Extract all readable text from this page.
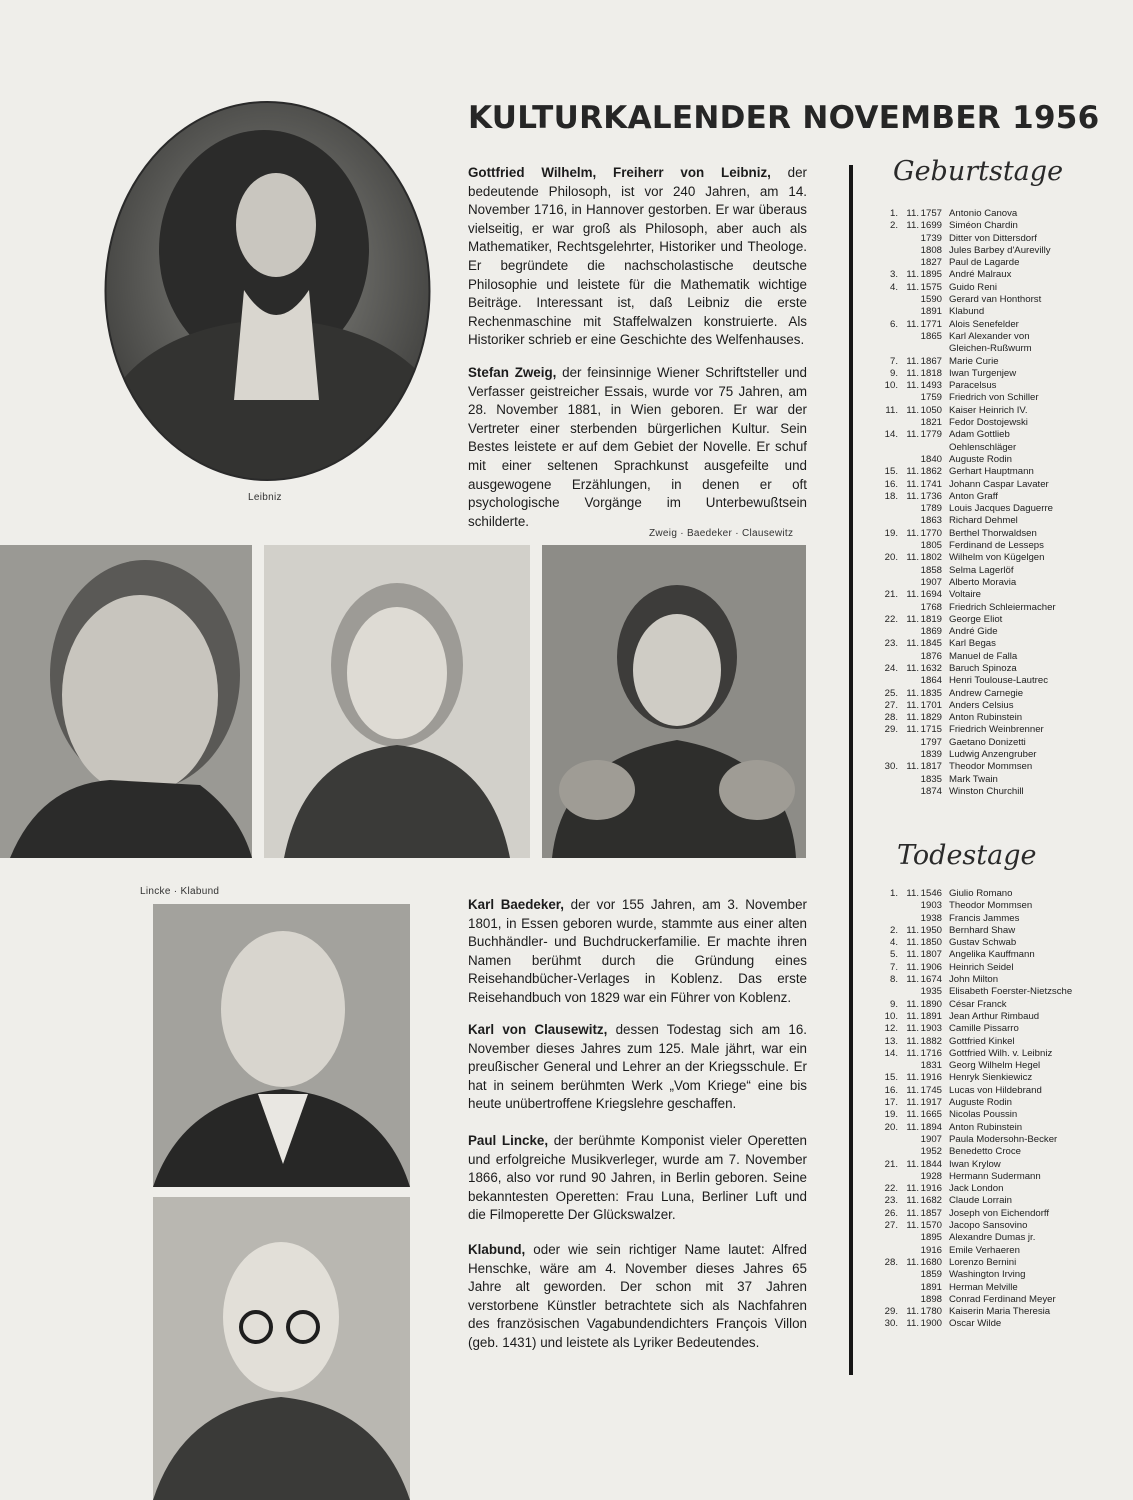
KULTURKALENDER NOVEMBER 1956
Leibniz

Gottfried Wilhelm, Freiherr von Leibniz, der bedeutende Philosoph, ist vor 240 Jahren, am 14. November 1716, in Hannover gestorben. Er war überaus vielseitig, er war groß als Philosoph, aber auch als Mathematiker, Rechtsgelehrter, Historiker und Theologe. Er begründete die nachscholastische deutsche Philosophie und leistete für die Mathematik wichtige Beiträge. Interessant ist, daß Leibniz die erste Rechenmaschine mit Staffelwalzen konstruierte. Als Historiker schrieb er eine Geschichte des Welfenhauses.

Stefan Zweig, der feinsinnige Wiener Schriftsteller und Verfasser geistreicher Essais, wurde vor 75 Jahren, am 28. November 1881, in Wien geboren. Er war der Vertreter einer sterbenden bürgerlichen Kultur. Sein Bestes leistete er auf dem Gebiet der Novelle. Er schuf mit einer seltenen Sprachkunst ausgefeilte und ausgewogene Erzählungen, in denen er oft psychologische Vorgänge im Unterbewußtsein schilderte.

Zweig · Baedeker · Clausewitz
Lincke · Klabund

Karl Baedeker, der vor 155 Jahren, am 3. November 1801, in Essen geboren wurde, stammte aus einer alten Buchhändler- und Buchdruckerfamilie. Er machte ihren Namen berühmt durch die Gründung eines Reisehandbücher-Verlages in Koblenz. Das erste Reisehandbuch von 1829 war ein Führer von Koblenz.

Karl von Clausewitz, dessen Todestag sich am 16. November dieses Jahres zum 125. Male jährt, war ein preußischer General und Lehrer an der Kriegsschule. Er hat in seinem berühmten Werk „Vom Kriege“ eine bis heute unübertroffene Kriegslehre geschaffen.

Paul Lincke, der berühmte Komponist vieler Operetten und erfolgreiche Musikverleger, wurde am 7. November 1866, also vor rund 90 Jahren, in Berlin geboren. Seine bekanntesten Operetten: Frau Luna, Berliner Luft und die Filmoperette Der Glückswalzer.

Klabund, oder wie sein richtiger Name lautet: Alfred Henschke, wäre am 4. November dieses Jahres 65 Jahre alt geworden. Der schon mit 37 Jahren verstorbene Künstler betrachtete sich als Nachfahren des französischen Vagabundendichters François Villon (geb. 1431) und leistete als Lyriker Bedeutendes.

Geburtstage
1. 11. 1757 Antonio Canova
2. 11. 1699 Siméon Chardin
1739 Ditter von Dittersdorf
1808 Jules Barbey d'Aurevilly
1827 Paul de Lagarde
3. 11. 1895 André Malraux
4. 11. 1575 Guido Reni
1590 Gerard van Honthorst
1891 Klabund
6. 11. 1771 Alois Senefelder
1865 Karl Alexander von
Gleichen-Rußwurm
7. 11. 1867 Marie Curie
9. 11. 1818 Iwan Turgenjew
10. 11. 1493 Paracelsus
1759 Friedrich von Schiller
11. 11. 1050 Kaiser Heinrich IV.
1821 Fedor Dostojewski
14. 11. 1779 Adam Gottlieb
Oehlenschläger
1840 Auguste Rodin
15. 11. 1862 Gerhart Hauptmann
16. 11. 1741 Johann Caspar Lavater
18. 11. 1736 Anton Graff
1789 Louis Jacques Daguerre
1863 Richard Dehmel
19. 11. 1770 Berthel Thorwaldsen
1805 Ferdinand de Lesseps
20. 11. 1802 Wilhelm von Kügelgen
1858 Selma Lagerlöf
1907 Alberto Moravia
21. 11. 1694 Voltaire
1768 Friedrich Schleiermacher
22. 11. 1819 George Eliot
1869 André Gide
23. 11. 1845 Karl Begas
1876 Manuel de Falla
24. 11. 1632 Baruch Spinoza
1864 Henri Toulouse-Lautrec
25. 11. 1835 Andrew Carnegie
27. 11. 1701 Anders Celsius
28. 11. 1829 Anton Rubinstein
29. 11. 1715 Friedrich Weinbrenner
1797 Gaetano Donizetti
1839 Ludwig Anzengruber
30. 11. 1817 Theodor Mommsen
1835 Mark Twain
1874 Winston Churchill
Todestage
1. 11. 1546 Giulio Romano
1903 Theodor Mommsen
1938 Francis Jammes
2. 11. 1950 Bernhard Shaw
4. 11. 1850 Gustav Schwab
5. 11. 1807 Angelika Kauffmann
7. 11. 1906 Heinrich Seidel
8. 11. 1674 John Milton
1935 Elisabeth Foerster-Nietzsche
9. 11. 1890 César Franck
10. 11. 1891 Jean Arthur Rimbaud
12. 11. 1903 Camille Pissarro
13. 11. 1882 Gottfried Kinkel
14. 11. 1716 Gottfried Wilh. v. Leibniz
1831 Georg Wilhelm Hegel
15. 11. 1916 Henryk Sienkiewicz
16. 11. 1745 Lucas von Hildebrand
17. 11. 1917 Auguste Rodin
19. 11. 1665 Nicolas Poussin
20. 11. 1894 Anton Rubinstein
1907 Paula Modersohn-Becker
1952 Benedetto Croce
21. 11. 1844 Iwan Krylow
1928 Hermann Sudermann
22. 11. 1916 Jack London
23. 11. 1682 Claude Lorrain
26. 11. 1857 Joseph von Eichendorff
27. 11. 1570 Jacopo Sansovino
1895 Alexandre Dumas jr.
1916 Emile Verhaeren
28. 11. 1680 Lorenzo Bernini
1859 Washington Irving
1891 Herman Melville
1898 Conrad Ferdinand Meyer
29. 11. 1780 Kaiserin Maria Theresia
30. 11. 1900 Oscar Wilde
